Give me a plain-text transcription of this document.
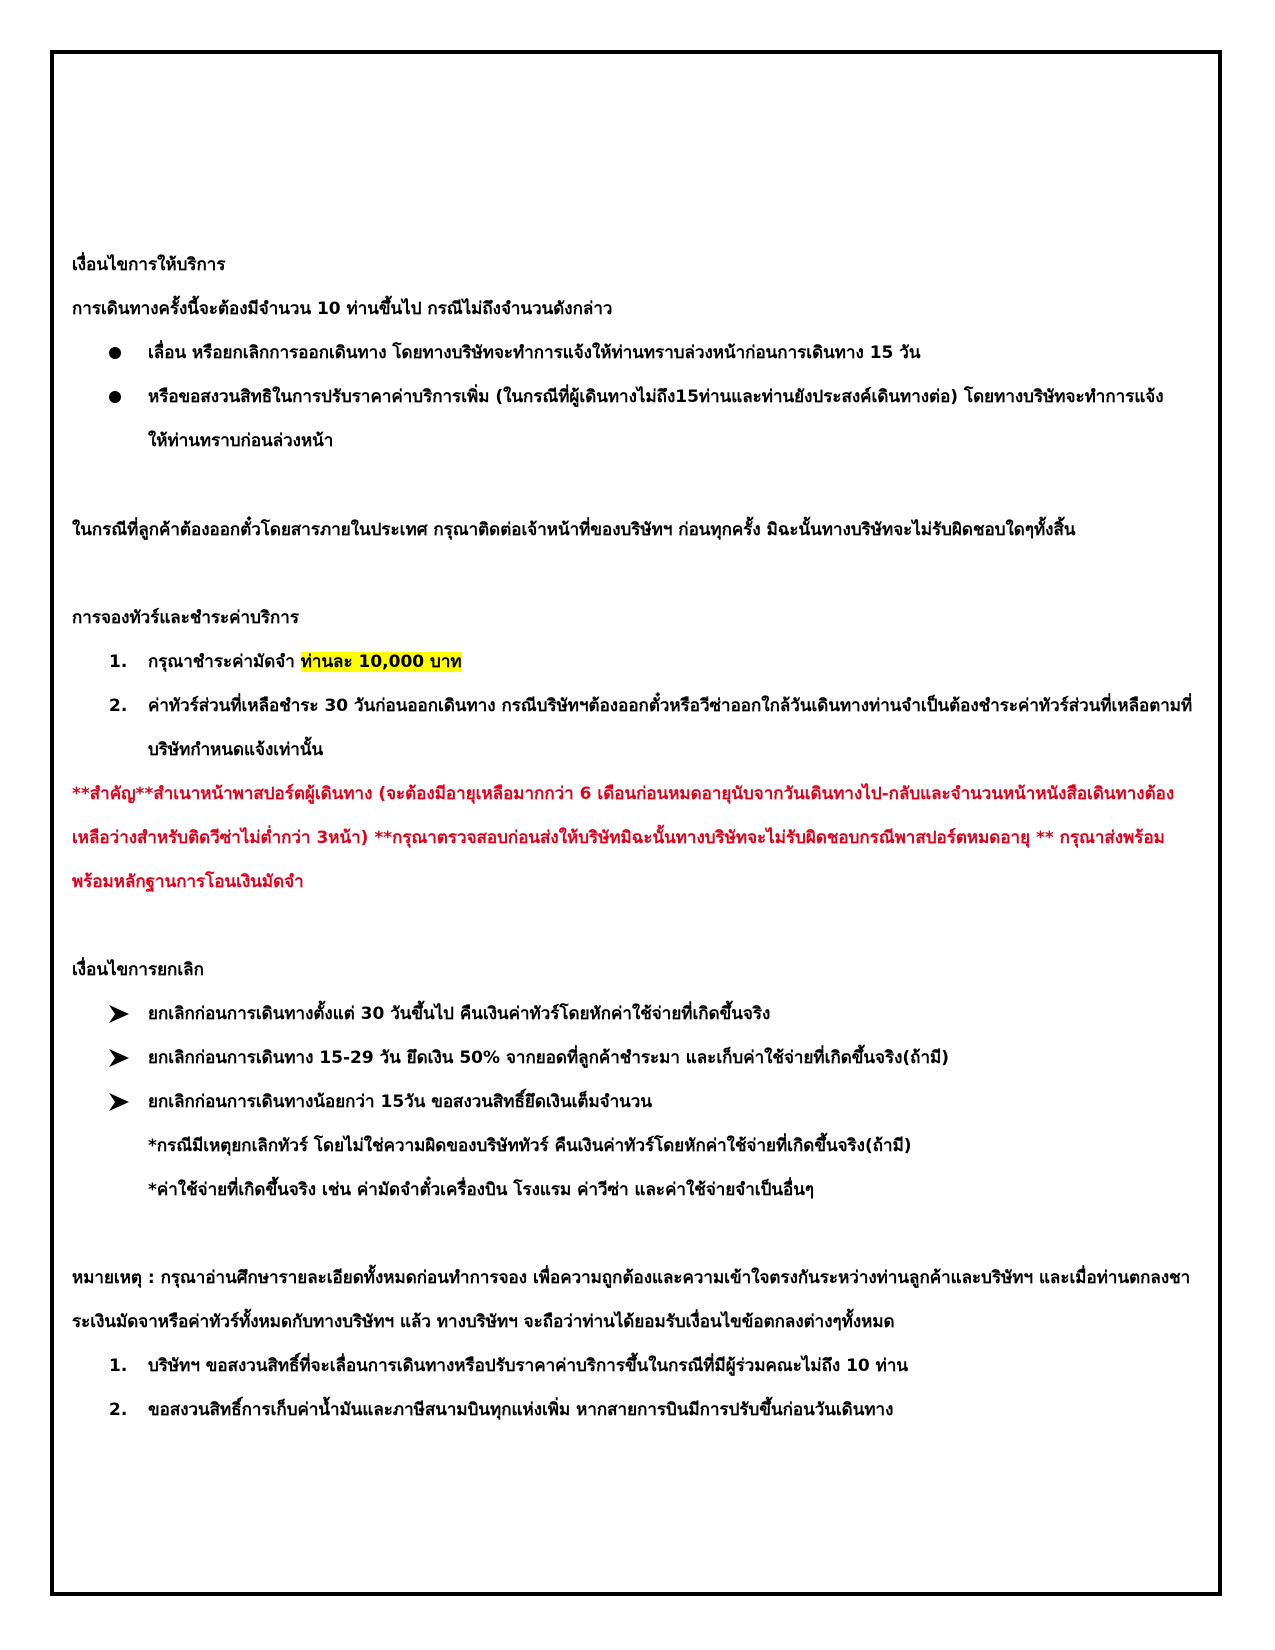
เงื่อนไขการให้บริการ

การเดินทางครั้งนี้จะต้องมีจำนวน 10 ท่านขึ้นไป กรณีไม่ถึงจำนวนดังกล่าว

เลื่อน หรือยกเลิกการออกเดินทาง โดยทางบริษัทจะทำการแจ้งให้ท่านทราบล่วงหน้าก่อนการเดินทาง 15 วัน
หรือขอสงวนสิทธิในการปรับราคาค่าบริการเพิ่ม (ในกรณีที่ผู้เดินทางไม่ถึง15ท่านและท่านยังประสงค์เดินทางต่อ) โดยทางบริษัทจะทำการแจ้งให้ท่านทราบก่อนล่วงหน้า

ในกรณีที่ลูกค้าต้องออกตั๋วโดยสารภายในประเทศ กรุณาติดต่อเจ้าหน้าที่ของบริษัทฯ ก่อนทุกครั้ง มิฉะนั้นทางบริษัทจะไม่รับผิดชอบใดๆทั้งสิ้น

การจองทัวร์และชำระค่าบริการ

1.	กรุณาชำระค่ามัดจำ ท่านละ 10,000 บาท
2.	ค่าทัวร์ส่วนที่เหลือชำระ 30 วันก่อนออกเดินทาง กรณีบริษัทฯต้องออกตั๋วหรือวีซ่าออกใกล้วันเดินทางท่านจำเป็นต้องชำระค่าทัวร์ส่วนที่เหลือตามที่บริษัทกำหนดแจ้งเท่านั้น

**สำคัญ**สำเนาหน้าพาสปอร์ตผู้เดินทาง (จะต้องมีอายุเหลือมากกว่า 6 เดือนก่อนหมดอายุนับจากวันเดินทางไป-กลับและจำนวนหน้าหนังสือเดินทางต้องเหลือว่างสำหรับติดวีซ่าไม่ต่ำกว่า 3หน้า) **กรุณาตรวจสอบก่อนส่งให้บริษัทมิฉะนั้นทางบริษัทจะไม่รับผิดชอบกรณีพาสปอร์ตหมดอายุ ** กรุณาส่งพร้อมพร้อมหลักฐานการโอนเงินมัดจำ

เงื่อนไขการยกเลิก

ยกเลิกก่อนการเดินทางตั้งแต่ 30 วันขึ้นไป คืนเงินค่าทัวร์โดยหักค่าใช้จ่ายที่เกิดขึ้นจริง
ยกเลิกก่อนการเดินทาง 15-29 วัน ยึดเงิน 50% จากยอดที่ลูกค้าชำระมา และเก็บค่าใช้จ่ายที่เกิดขึ้นจริง(ถ้ามี)
ยกเลิกก่อนการเดินทางน้อยกว่า 15วัน ขอสงวนสิทธิ์ยึดเงินเต็มจำนวน

*กรณีมีเหตุยกเลิกทัวร์ โดยไม่ใช่ความผิดของบริษัททัวร์ คืนเงินค่าทัวร์โดยหักค่าใช้จ่ายที่เกิดขึ้นจริง(ถ้ามี)

*ค่าใช้จ่ายที่เกิดขึ้นจริง เช่น ค่ามัดจำตั๋วเครื่องบิน โรงแรม ค่าวีซ่า และค่าใช้จ่ายจำเป็นอื่นๆ

หมายเหตุ : กรุณาอ่านศึกษารายละเอียดทั้งหมดก่อนทำการจอง เพื่อความถูกต้องและความเข้าใจตรงกันระหว่างท่านลูกค้าและบริษัทฯ และเมื่อท่านตกลงชาระเงินมัดจาหรือค่าทัวร์ทั้งหมดกับทางบริษัทฯ แล้ว ทางบริษัทฯ จะถือว่าท่านได้ยอมรับเงื่อนไขข้อตกลงต่างๆทั้งหมด

1.	บริษัทฯ ขอสงวนสิทธิ์ที่จะเลื่อนการเดินทางหรือปรับราคาค่าบริการขึ้นในกรณีที่มีผู้ร่วมคณะไม่ถึง 10 ท่าน
2.	ขอสงวนสิทธิ์การเก็บค่าน้ำมันและภาษีสนามบินทุกแห่งเพิ่ม หากสายการบินมีการปรับขึ้นก่อนวันเดินทาง
